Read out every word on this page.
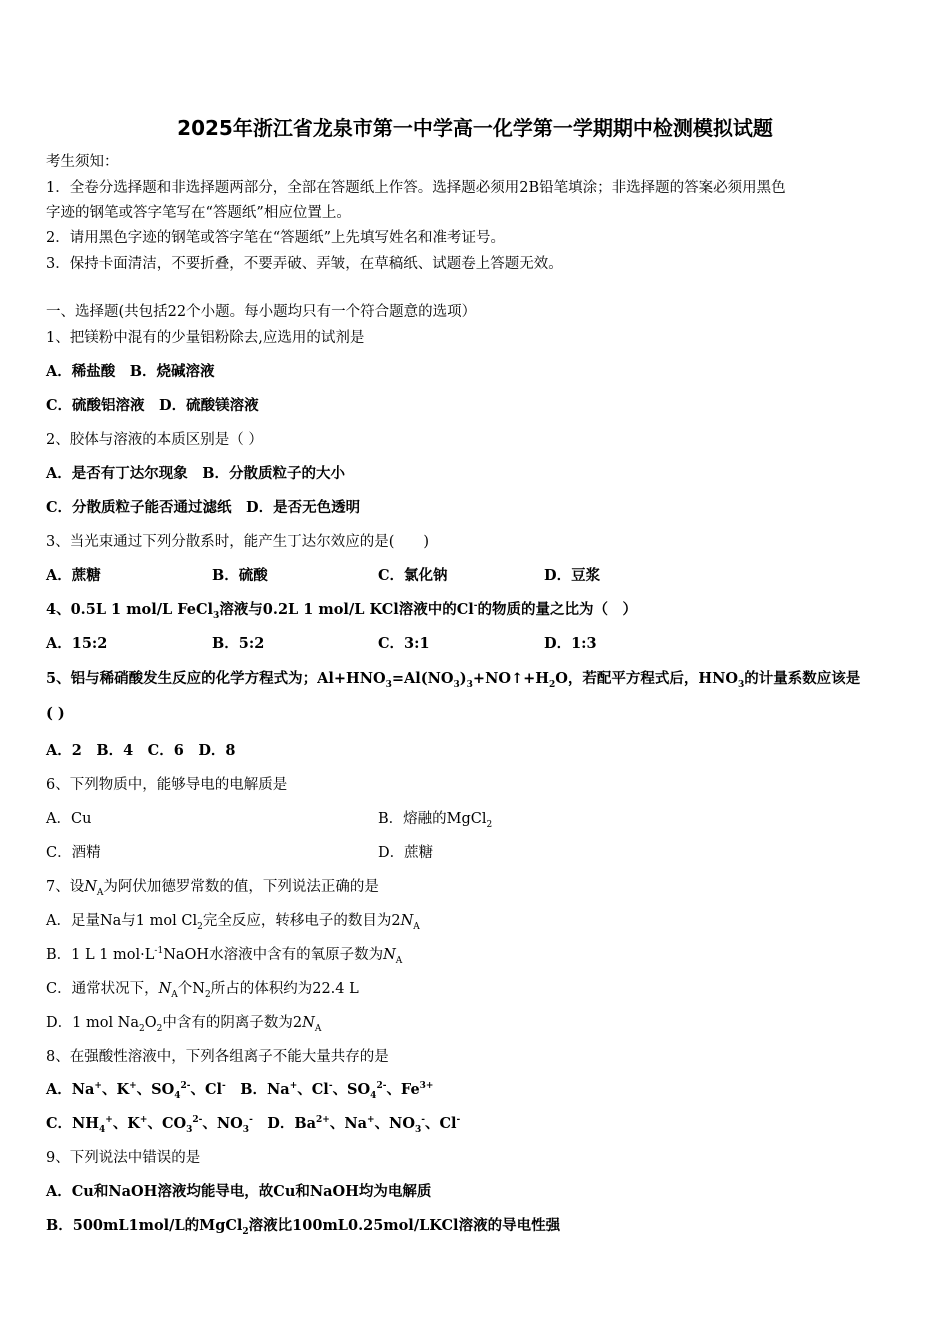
2025年浙江省龙泉市第一中学高一化学第一学期期中检测模拟试题
考生须知：
1．全卷分选择题和非选择题两部分，全部在答题纸上作答。选择题必须用2B铅笔填涂；非选择题的答案必须用黑色
字迹的钢笔或答字笔写在“答题纸”相应位置上。
2．请用黑色字迹的钢笔或答字笔在“答题纸”上先填写姓名和准考证号。
3．保持卡面清洁，不要折叠，不要弄破、弄皱，在草稿纸、试题卷上答题无效。
一、选择题(共包括22个小题。每小题均只有一个符合题意的选项）
1、把镁粉中混有的少量铝粉除去,应选用的试剂是
A．稀盐酸　B．烧碱溶液
C．硫酸铝溶液　D．硫酸镁溶液
2、胶体与溶液的本质区别是（ ）
A．是否有丁达尔现象　B．分散质粒子的大小
C．分散质粒子能否通过滤纸　D．是否无色透明
3、当光束通过下列分散系时，能产生丁达尔效应的是(　　)
A．蔗糖	B．硫酸	C．氯化钠	D．豆浆
4、0.5L 1 mol/L FeCl$_3$溶液与0.2L 1 mol/L KCl溶液中的Cl-的物质的量之比为（　）
A．15:2	B．5:2	C．3:1	D．1:3
5、铝与稀硝酸发生反应的化学方程式为；$Al+HNO_3=Al(NO_3)_3+NO↑+H_2O$，若配平方程式后，$HNO_3$的计量系数应该是
( )
A．2　B．4　C．6　D．8
6、下列物质中，能够导电的电解质是
A．Cu	B．熔融的MgCl$_2$
C．酒精	D．蔗糖
7、设$N_A$为阿伏加德罗常数的值，下列说法正确的是
A．足量Na与1 mol $Cl_2$完全反应，转移电子的数目为$2N_A$
B．1 L 1 $mol\cdot L^{-1}NaOH$水溶液中含有的氧原子数为$N_A$
C．通常状况下，$N_A$个$N_2$所占的体积约为22.4 L
D．1 mol $Na_2O_2$中含有的阴离子数为$2N_A$
8、在强酸性溶液中，下列各组离子不能大量共存的是
A．Na+、K+、$SO_4^{2-}$、Cl-　B．Na+、Cl-、$SO_4^{2-}$、$Fe^{3+}$
C．$NH_4^+$、K+、$CO_3^{2-}$、$NO_3^-$　D．$Ba^{2+}$、Na+、$NO_3^-$、Cl-
9、下列说法中错误的是
A．Cu和NaOH溶液均能导电，故Cu和NaOH均为电解质
B．500mL1mol/L的MgCl$_2$溶液比100mL0.25mol/LKCl溶液的导电性强
